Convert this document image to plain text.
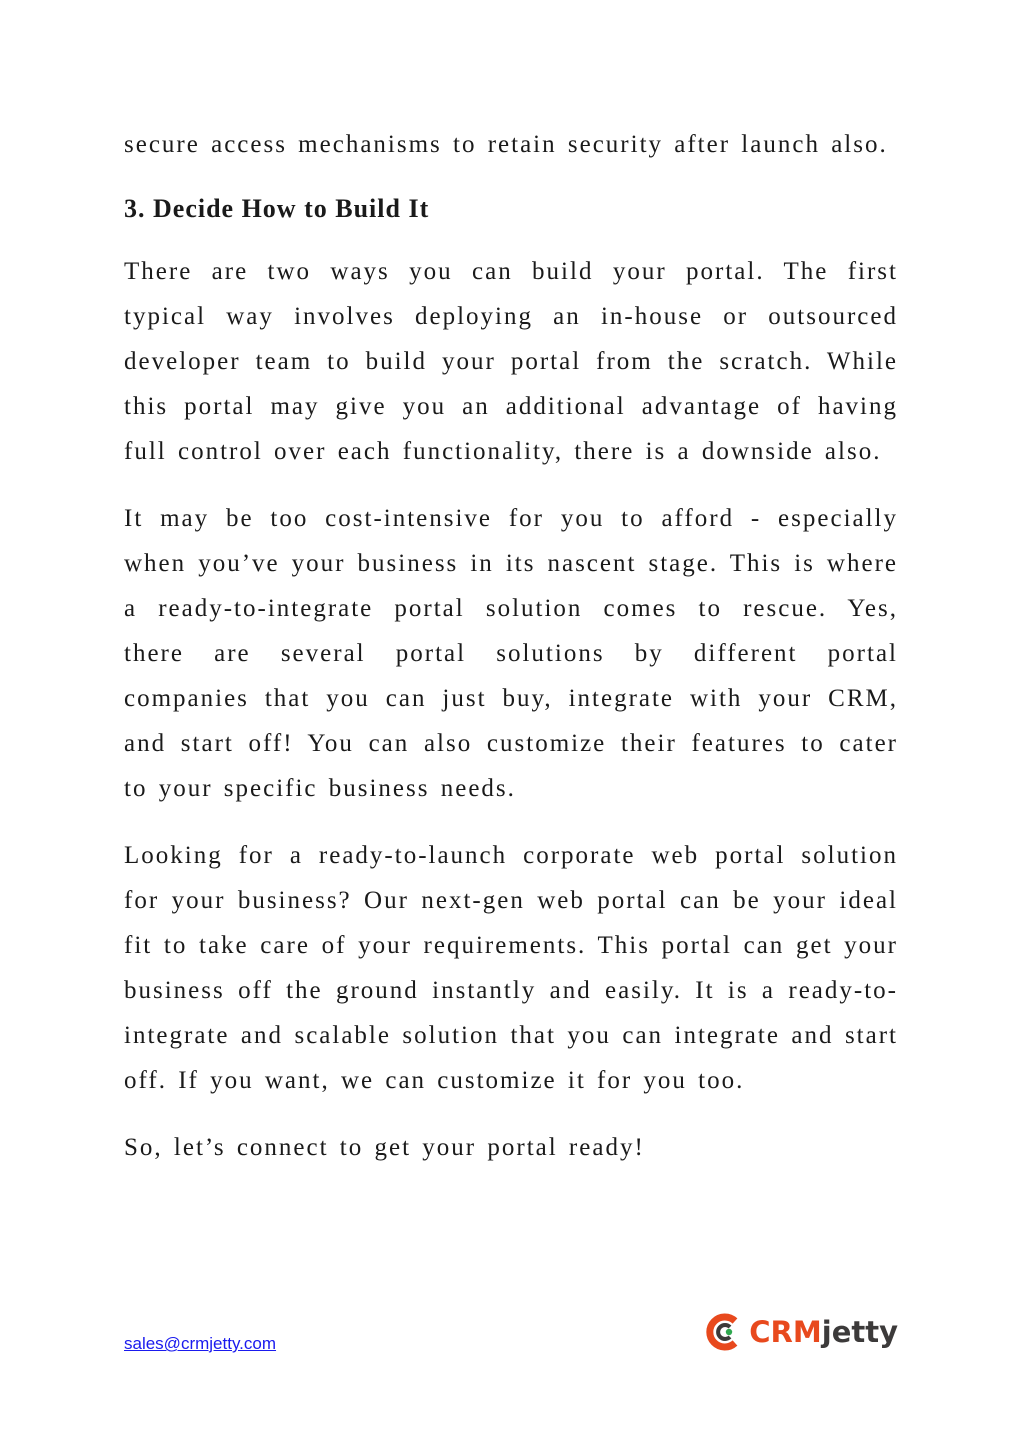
secure access mechanisms to retain security after launch also.

3. Decide How to Build It

There are two ways you can build your portal. The first typical way involves deploying an in-house or outsourced developer team to build your portal from the scratch. While this portal may give you an additional advantage of having full control over each functionality, there is a downside also.

It may be too cost-intensive for you to afford - especially when you’ve your business in its nascent stage. This is where a ready-to-integrate portal solution comes to rescue. Yes, there are several portal solutions by different portal companies that you can just buy, integrate with your CRM, and start off! You can also customize their features to cater to your specific business needs.

Looking for a ready-to-launch corporate web portal solution for your business? Our next-gen web portal can be your ideal fit to take care of your requirements. This portal can get your business off the ground instantly and easily. It is a ready-to-integrate and scalable solution that you can integrate and start off. If you want, we can customize it for you too.

So, let’s connect to get your portal ready!

sales@crmjetty.com	CRMjetty
